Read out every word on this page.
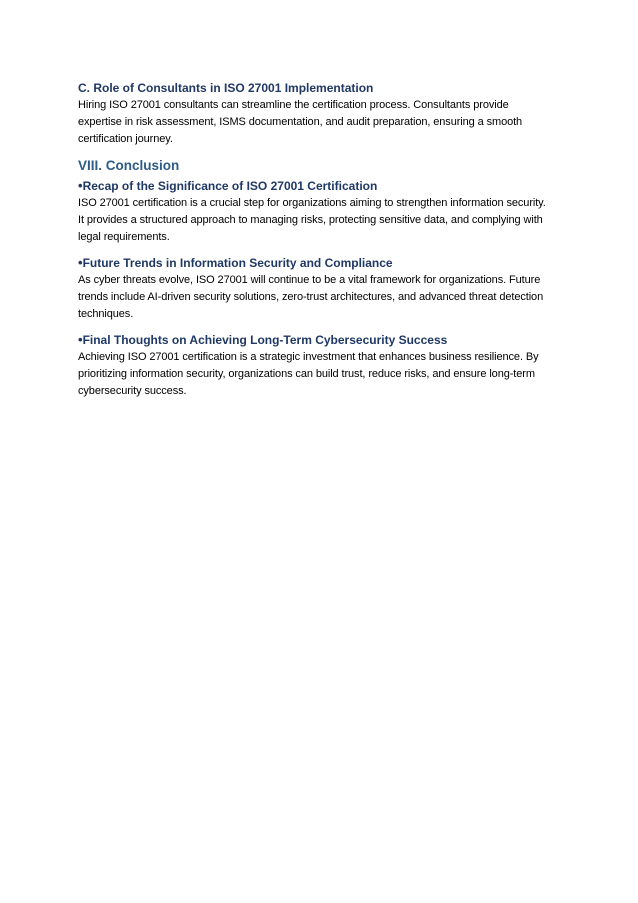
C. Role of Consultants in ISO 27001 Implementation
Hiring ISO 27001 consultants can streamline the certification process. Consultants provide
expertise in risk assessment, ISMS documentation, and audit preparation, ensuring a smooth
certification journey.
VIII. Conclusion
•Recap of the Significance of ISO 27001 Certification
ISO 27001 certification is a crucial step for organizations aiming to strengthen information security.
It provides a structured approach to managing risks, protecting sensitive data, and complying with
legal requirements.
•Future Trends in Information Security and Compliance
As cyber threats evolve, ISO 27001 will continue to be a vital framework for organizations. Future
trends include AI-driven security solutions, zero-trust architectures, and advanced threat detection
techniques.
•Final Thoughts on Achieving Long-Term Cybersecurity Success
Achieving ISO 27001 certification is a strategic investment that enhances business resilience. By
prioritizing information security, organizations can build trust, reduce risks, and ensure long-term
cybersecurity success.
